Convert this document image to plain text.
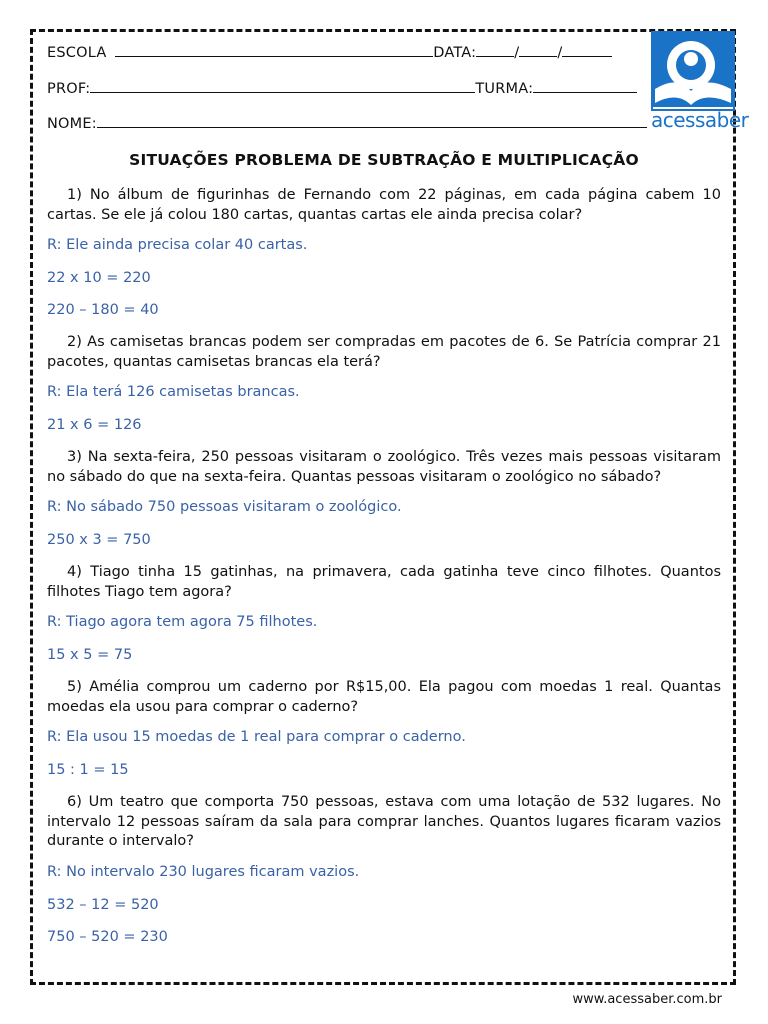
ESCOLA	DATA:	/	/
PROF:	TURMA:
NOME:	acessaber
SITUAÇÕES PROBLEMA DE SUBTRAÇÃO E MULTIPLICAÇÃO

1) No álbum de figurinhas de Fernando com 22 páginas, em cada página cabem 10 cartas. Se ele já colou 180 cartas, quantas cartas ele ainda precisa colar?

R: Ele ainda precisa colar 40 cartas.

22 x 10 = 220

220 – 180 = 40

2) As camisetas brancas podem ser compradas em pacotes de 6. Se Patrícia comprar 21 pacotes, quantas camisetas brancas ela terá?

R: Ela terá 126 camisetas brancas.

21 x 6 = 126

3) Na sexta-feira, 250 pessoas visitaram o zoológico. Três vezes mais pessoas visitaram no sábado do que na sexta-feira. Quantas pessoas visitaram o zoológico no sábado?

R: No sábado 750 pessoas visitaram o zoológico.

250 x 3 = 750

4) Tiago tinha 15 gatinhas, na primavera, cada gatinha teve cinco filhotes. Quantos filhotes Tiago tem agora?

R: Tiago agora tem agora 75 filhotes.

15 x 5 = 75

5) Amélia comprou um caderno por R$15,00. Ela pagou com moedas 1 real. Quantas moedas ela usou para comprar o caderno?

R: Ela usou 15 moedas de 1 real para comprar o caderno.

15 : 1 = 15

6) Um teatro que comporta 750 pessoas, estava com uma lotação de 532 lugares. No intervalo 12 pessoas saíram da sala para comprar lanches. Quantos lugares ficaram vazios durante o intervalo?

R: No intervalo 230 lugares ficaram vazios.

532 – 12 = 520

750 – 520 = 230

www.acessaber.com.br
